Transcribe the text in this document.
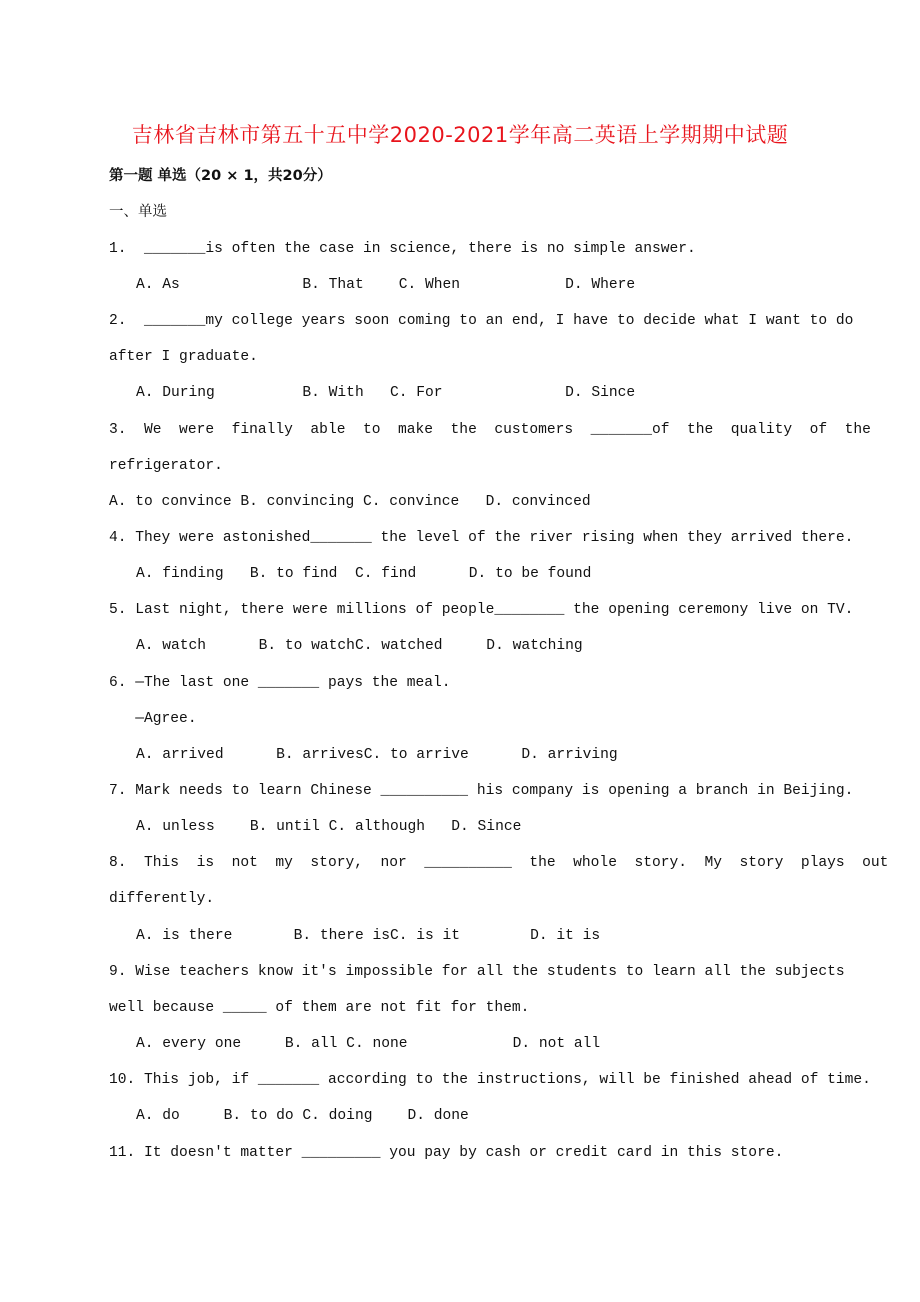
吉林省吉林市第五十五中学2020-2021学年高二英语上学期期中试题
第一题 单选（20 × 1，共20分）
一、单选
1.  _______is often the case in science, there is no simple answer.
A. As              B. That    C. When            D. Where
2.  _______my college years soon coming to an end, I have to decide what I want to do
after I graduate.
A. During          B. With   C. For              D. Since
3.  We  were  finally  able  to  make  the  customers  _______of  the  quality  of  the
refrigerator.
A. to convince B. convincing C. convince   D. convinced
4. They were astonished_______ the level of the river rising when they arrived there.
A. finding   B. to find  C. find      D. to be found
5. Last night, there were millions of people________ the opening ceremony live on TV.
A. watch      B. to watchC. watched     D. watching
6. —The last one _______ pays the meal.
—Agree.
A. arrived      B. arrivesC. to arrive      D. arriving
7. Mark needs to learn Chinese __________ his company is opening a branch in Beijing.
A. unless    B. until C. although   D. Since
8.  This  is  not  my  story,  nor  __________  the  whole  story.  My  story  plays  out
differently.
A. is there       B. there isC. is it        D. it is
9. Wise teachers know it's impossible for all the students to learn all the subjects
well because _____ of them are not fit for them.
A. every one     B. all C. none            D. not all
10. This job, if _______ according to the instructions, will be finished ahead of time.
A. do     B. to do C. doing    D. done
11. It doesn't matter _________ you pay by cash or credit card in this store.
